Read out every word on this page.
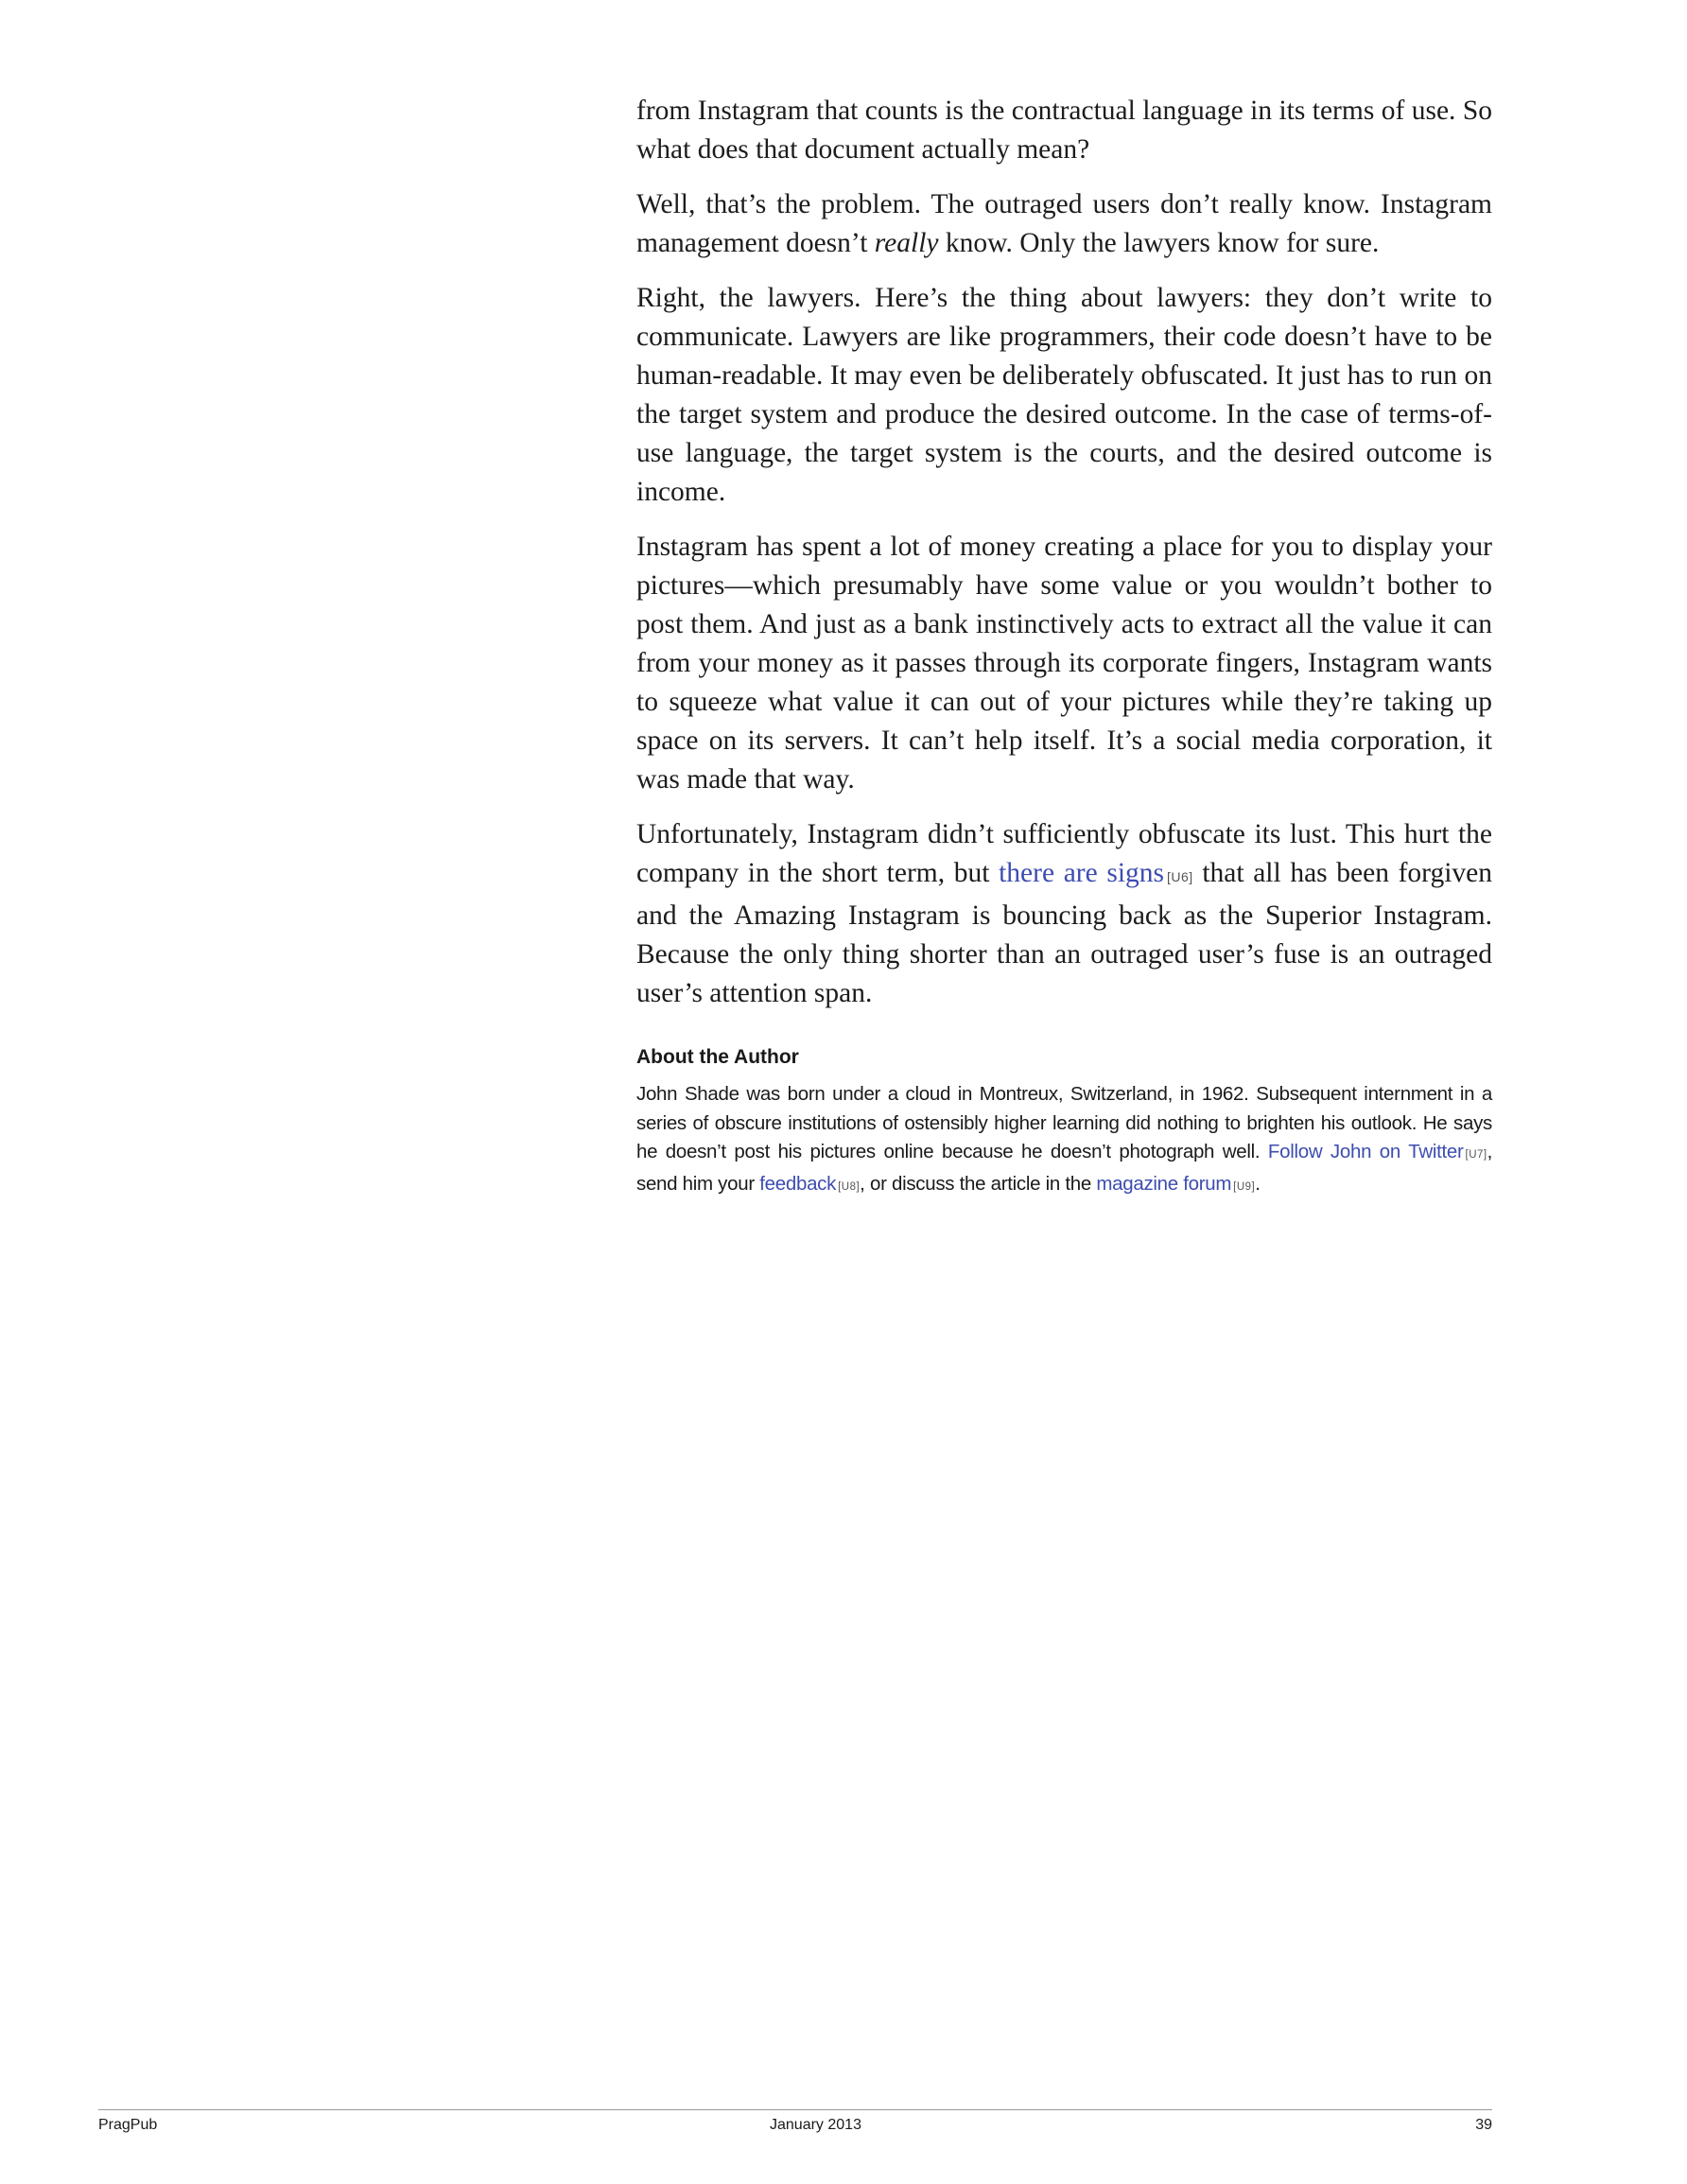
from Instagram that counts is the contractual language in its terms of use. So what does that document actually mean?

Well, that’s the problem. The outraged users don’t really know. Instagram management doesn’t really know. Only the lawyers know for sure.

Right, the lawyers. Here’s the thing about lawyers: they don’t write to communicate. Lawyers are like programmers, their code doesn’t have to be human-readable. It may even be deliberately obfuscated. It just has to run on the target system and produce the desired outcome. In the case of terms-of-use language, the target system is the courts, and the desired outcome is income.

Instagram has spent a lot of money creating a place for you to display your pictures—which presumably have some value or you wouldn’t bother to post them. And just as a bank instinctively acts to extract all the value it can from your money as it passes through its corporate fingers, Instagram wants to squeeze what value it can out of your pictures while they’re taking up space on its servers. It can’t help itself. It’s a social media corporation, it was made that way.

Unfortunately, Instagram didn’t sufficiently obfuscate its lust. This hurt the company in the short term, but there are signs [U6] that all has been forgiven and the Amazing Instagram is bouncing back as the Superior Instagram. Because the only thing shorter than an outraged user’s fuse is an outraged user’s attention span.

About the Author

John Shade was born under a cloud in Montreux, Switzerland, in 1962. Subsequent internment in a series of obscure institutions of ostensibly higher learning did nothing to brighten his outlook. He says he doesn’t post his pictures online because he doesn’t photograph well. Follow John on Twitter [U7], send him your feedback [U8], or discuss the article in the magazine forum [U9].

PragPub	January 2013	39
